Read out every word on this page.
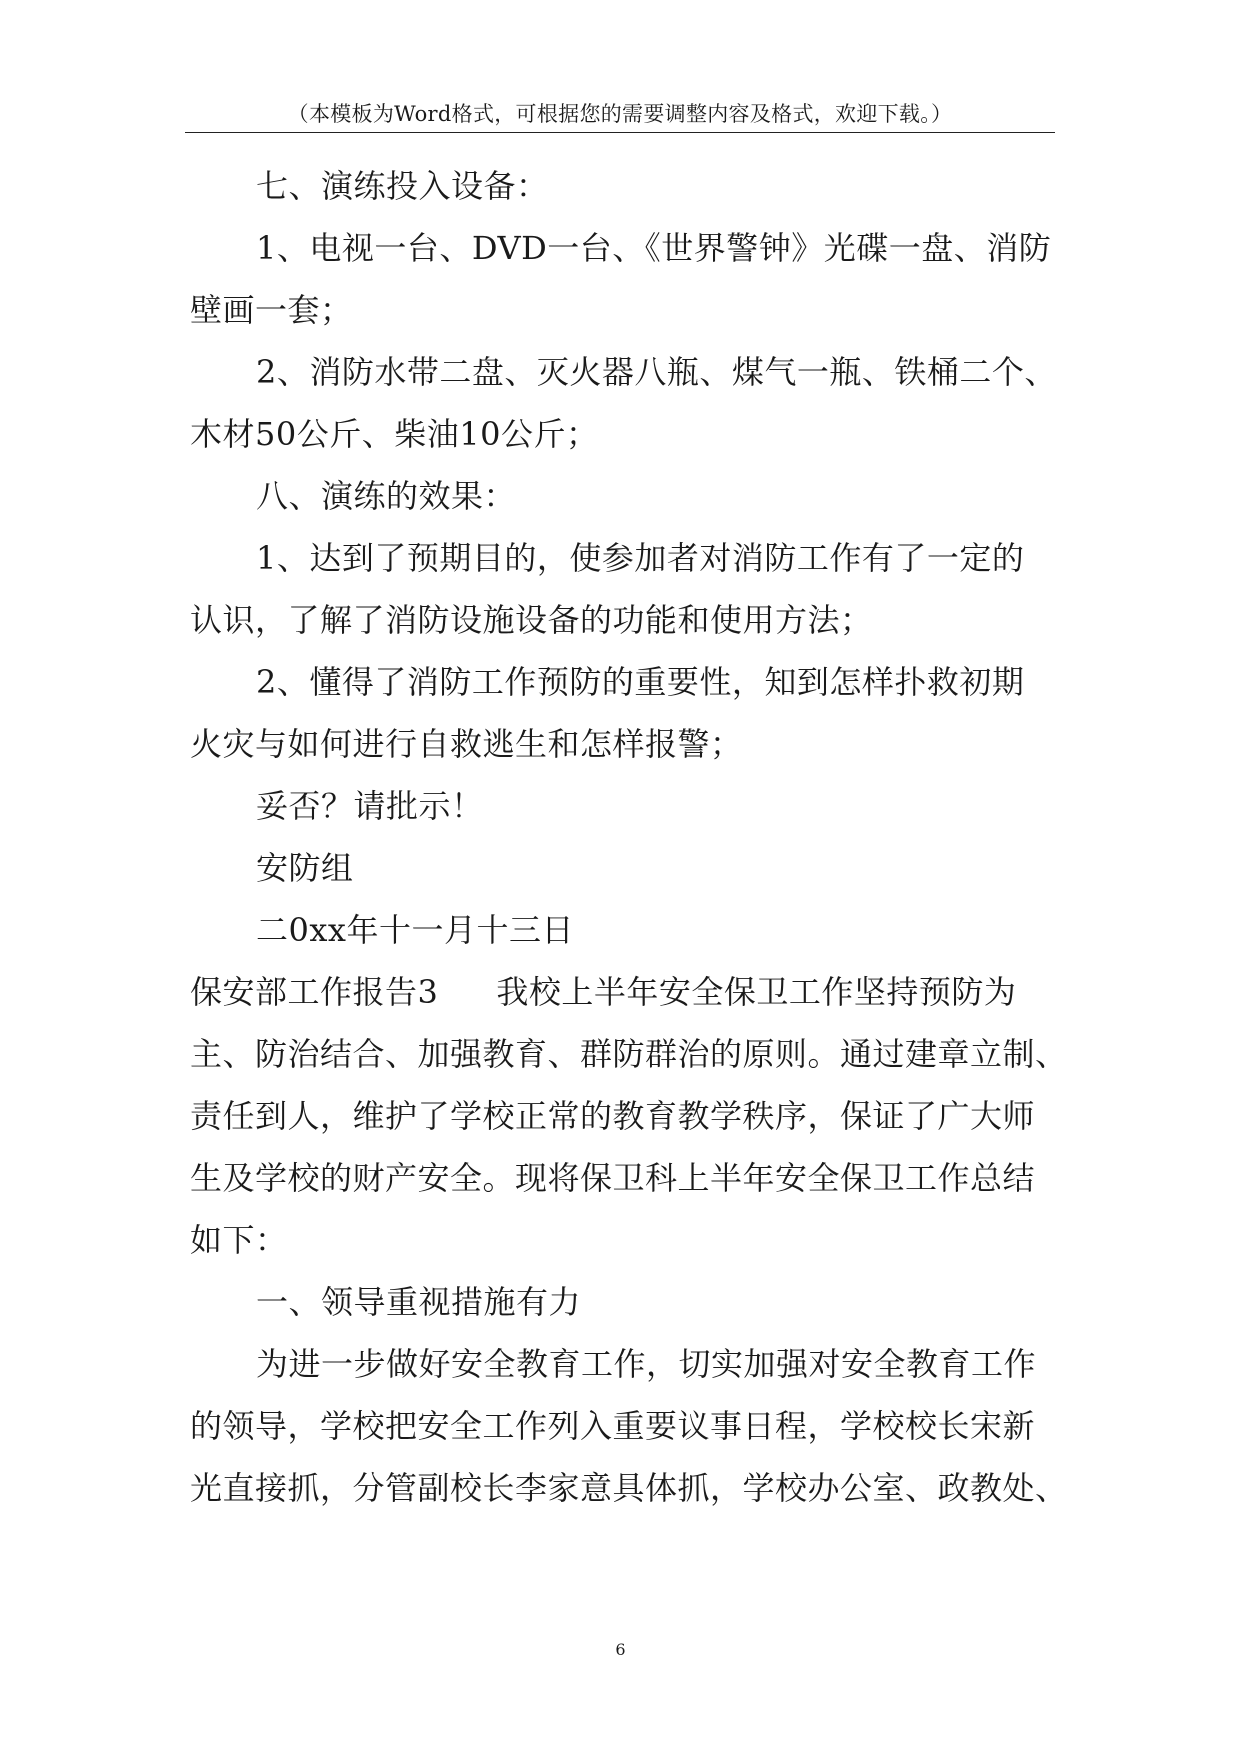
（本模板为Word格式，可根据您的需要调整内容及格式，欢迎下载。）
七、演练投入设备：
1、电视一台、DVD一台、《世界警钟》光碟一盘、消防
壁画一套；
2、消防水带二盘、灭火器八瓶、煤气一瓶、铁桶二个、
木材50公斤、柴油10公斤；
八、演练的效果：
1、达到了预期目的，使参加者对消防工作有了一定的
认识，了解了消防设施设备的功能和使用方法；
2、懂得了消防工作预防的重要性，知到怎样扑救初期
火灾与如何进行自救逃生和怎样报警；
妥否？请批示！
安防组
二0xx年十一月十三日
保安部工作报告3 我校上半年安全保卫工作坚持预防为
主、防治结合、加强教育、群防群治的原则。通过建章立制、
责任到人，维护了学校正常的教育教学秩序，保证了广大师
生及学校的财产安全。现将保卫科上半年安全保卫工作总结
如下：
一、领导重视措施有力
为进一步做好安全教育工作，切实加强对安全教育工作
的领导，学校把安全工作列入重要议事日程，学校校长宋新
光直接抓，分管副校长李家意具体抓，学校办公室、政教处、
6
